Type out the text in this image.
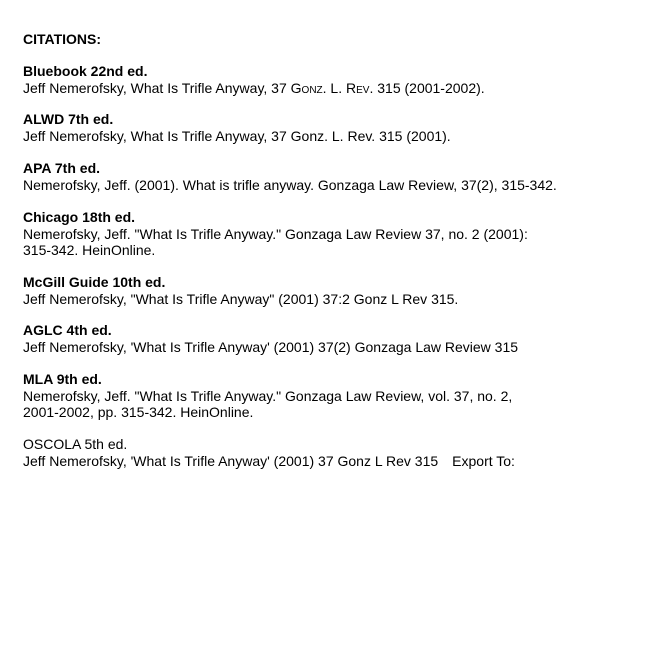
CITATIONS:
Bluebook 22nd ed.
Jeff Nemerofsky, What Is Trifle Anyway, 37 Gonz. L. Rev. 315 (2001-2002).
ALWD 7th ed.
Jeff Nemerofsky, What Is Trifle Anyway, 37 Gonz. L. Rev. 315 (2001).
APA 7th ed.
Nemerofsky, Jeff. (2001). What is trifle anyway. Gonzaga Law Review, 37(2), 315-342.
Chicago 18th ed.
Nemerofsky, Jeff. "What Is Trifle Anyway." Gonzaga Law Review 37, no. 2 (2001):
315-342. HeinOnline.
McGill Guide 10th ed.
Jeff Nemerofsky, "What Is Trifle Anyway" (2001) 37:2 Gonz L Rev 315.
AGLC 4th ed.
Jeff Nemerofsky, 'What Is Trifle Anyway' (2001) 37(2) Gonzaga Law Review 315
MLA 9th ed.
Nemerofsky, Jeff. "What Is Trifle Anyway." Gonzaga Law Review, vol. 37, no. 2,
2001-2002, pp. 315-342. HeinOnline.
OSCOLA 5th ed.
Jeff Nemerofsky, 'What Is Trifle Anyway' (2001) 37 Gonz L Rev 315 Export To:
